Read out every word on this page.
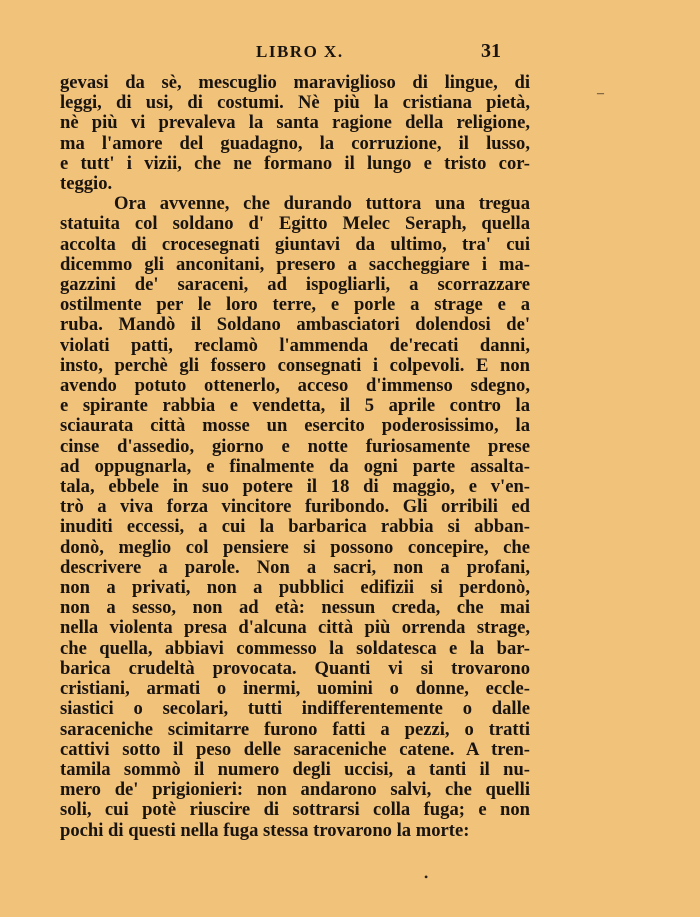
LIBRO X.	31
gevasi da sè, mescuglio maraviglioso di lingue, di
leggi, di usi, di costumi. Nè più la cristiana pietà,
nè più vi prevaleva la santa ragione della religione,
ma l'amore del guadagno, la corruzione, il lusso,
e tutt' i vizii, che ne formano il lungo e tristo cor-
teggio.
Ora avvenne, che durando tuttora una tregua
statuita col soldano d' Egitto Melec Seraph, quella
accolta di crocesegnati giuntavi da ultimo, tra' cui
dicemmo gli anconitani, presero a saccheggiare i ma-
gazzini de' saraceni, ad ispogliarli, a scorrazzare
ostilmente per le loro terre, e porle a strage e a
ruba. Mandò il Soldano ambasciatori dolendosi de'
violati patti, reclamò l'ammenda de'recati danni,
insto, perchè gli fossero consegnati i colpevoli. E non
avendo potuto ottenerlo, acceso d'immenso sdegno,
e spirante rabbia e vendetta, il 5 aprile contro la
sciaurata città mosse un esercito poderosissimo, la
cinse d'assedio, giorno e notte furiosamente prese
ad oppugnarla, e finalmente da ogni parte assalta-
tala, ebbele in suo potere il 18 di maggio, e v'en-
trò a viva forza vincitore furibondo. Gli orribili ed
inuditi eccessi, a cui la barbarica rabbia si abban-
donò, meglio col pensiere si possono concepire, che
descrivere a parole. Non a sacri, non a profani,
non a privati, non a pubblici edifizii si perdonò,
non a sesso, non ad età: nessun creda, che mai
nella violenta presa d'alcuna città più orrenda strage,
che quella, abbiavi commesso la soldatesca e la bar-
barica crudeltà provocata. Quanti vi si trovarono
cristiani, armati o inermi, uomini o donne, eccle-
siastici o secolari, tutti indifferentemente o dalle
saraceniche scimitarre furono fatti a pezzi, o tratti
cattivi sotto il peso delle saraceniche catene. A tren-
tamila sommò il numero degli uccisi, a tanti il nu-
mero de' prigionieri: non andarono salvi, che quelli
soli, cui potè riuscire di sottrarsi colla fuga; e non
pochi di questi nella fuga stessa trovarono la morte:
–
•
